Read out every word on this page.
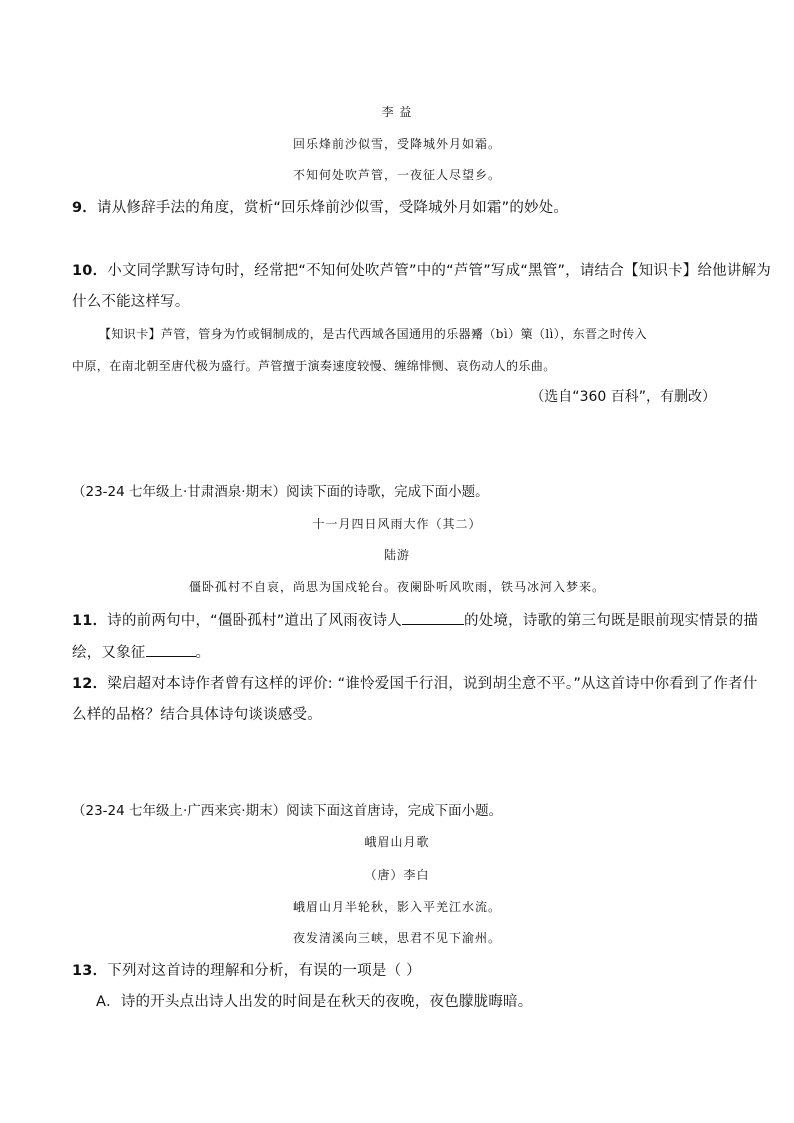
李 益
回乐烽前沙似雪，受降城外月如霜。
不知何处吹芦管，一夜征人尽望乡。
9．请从修辞手法的角度，赏析“回乐烽前沙似雪，受降城外月如霜”的妙处。
10．小文同学默写诗句时，经常把“不知何处吹芦管”中的“芦管”写成“黑管”，请结合【知识卡】给他讲解为
什么不能这样写。
【知识卡】芦管，管身为竹或铜制成的，是古代西域各国通用的乐器觱（bì）篥（lì），东晋之时传入
中原，在南北朝至唐代极为盛行。芦管擅于演奏速度较慢、缠绵悱恻、哀伤动人的乐曲。
（选自“360 百科”，有删改）
（23-24 七年级上·甘肃酒泉·期末）阅读下面的诗歌，完成下面小题。
十一月四日风雨大作（其二）
陆游
僵卧孤村不自哀，尚思为国戍轮台。夜阑卧听风吹雨，铁马冰河入梦来。
11．诗的前两句中，“僵卧孤村”道出了风雨夜诗人	的处境，诗歌的第三句既是眼前现实情景的描
绘，又象征	。
12．梁启超对本诗作者曾有这样的评价: “谁怜爱国千行泪，说到胡尘意不平。”从这首诗中你看到了作者什
么样的品格？结合具体诗句谈谈感受。
（23-24 七年级上·广西来宾·期末）阅读下面这首唐诗，完成下面小题。
峨眉山月歌
（唐）李白
峨眉山月半轮秋，影入平羌江水流。
夜发清溪向三峡，思君不见下渝州。
13．下列对这首诗的理解和分析，有误的一项是（ ）
A．诗的开头点出诗人出发的时间是在秋天的夜晚，夜色朦胧晦暗。
